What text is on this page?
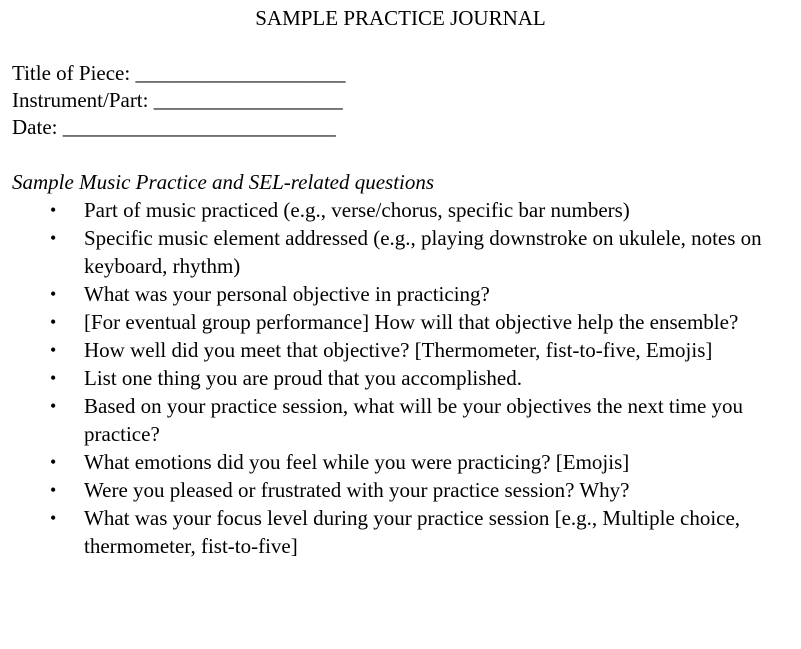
SAMPLE PRACTICE JOURNAL
Title of Piece: ____________________
Instrument/Part: __________________
Date: __________________________
Sample Music Practice and SEL-related questions
• Part of music practiced (e.g., verse/chorus, specific bar numbers)
• Specific music element addressed (e.g., playing downstroke on ukulele, notes on keyboard, rhythm)
• What was your personal objective in practicing?
• [For eventual group performance] How will that objective help the ensemble?
• How well did you meet that objective? [Thermometer, fist-to-five, Emojis]
• List one thing you are proud that you accomplished.
• Based on your practice session, what will be your objectives the next time you practice?
• What emotions did you feel while you were practicing? [Emojis]
• Were you pleased or frustrated with your practice session? Why?
• What was your focus level during your practice session [e.g., Multiple choice, thermometer, fist-to-five]
